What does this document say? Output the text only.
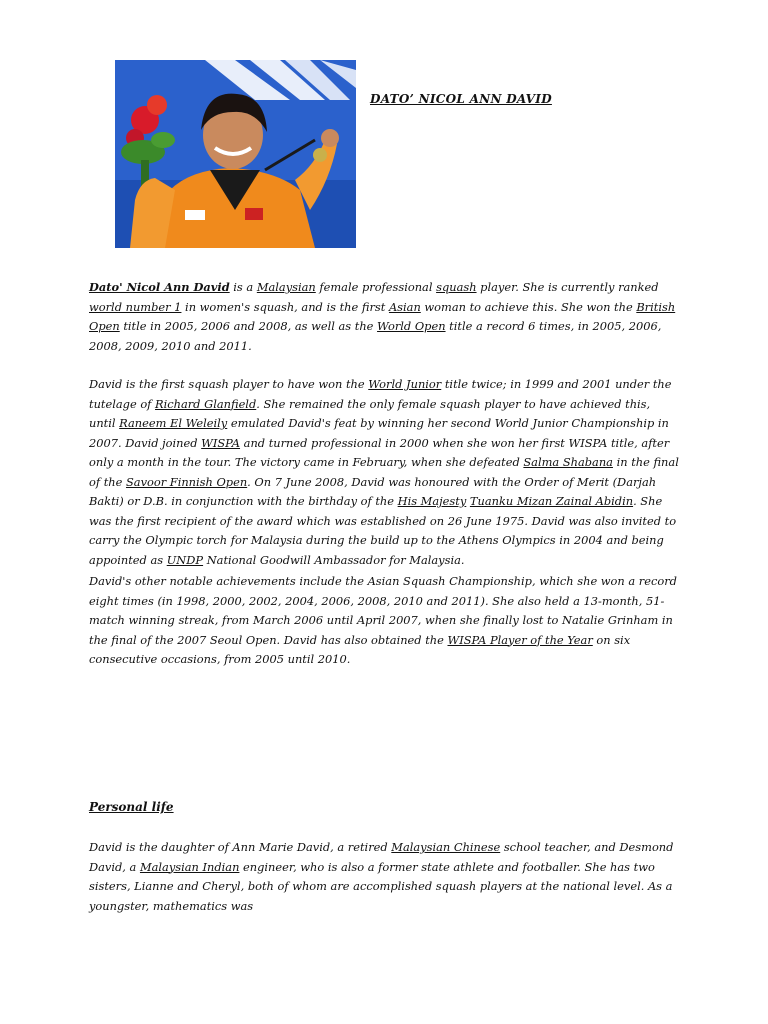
DATO’ NICOL ANN DAVID
Dato' Nicol Ann David is a Malaysian female professional squash player. She is currently ranked world number 1 in women's squash, and is the first Asian woman to achieve this. She won the British Open title in 2005, 2006 and 2008, as well as the World Open title a record 6 times, in 2005, 2006, 2008, 2009, 2010 and 2011.
David is the first squash player to have won the World Junior title twice; in 1999 and 2001 under the tutelage of Richard Glanfield. She remained the only female squash player to have achieved this, until Raneem El Weleily emulated David's feat by winning her second World Junior Championship in 2007. David joined WISPA and turned professional in 2000 when she won her first WISPA title, after only a month in the tour. The victory came in February, when she defeated Salma Shabana in the final of the Savoor Finnish Open. On 7 June 2008, David was honoured with the Order of Merit (Darjah Bakti) or D.B. in conjunction with the birthday of the His Majesty Tuanku Mizan Zainal Abidin. She was the first recipient of the award which was established on 26 June 1975. David was also invited to carry the Olympic torch for Malaysia during the build up to the Athens Olympics in 2004 and being appointed as UNDP National Goodwill Ambassador for Malaysia.
David's other notable achievements include the Asian Squash Championship, which she won a record eight times (in 1998, 2000, 2002, 2004, 2006, 2008, 2010 and 2011). She also held a 13-month, 51-match winning streak, from March 2006 until April 2007, when she finally lost to Natalie Grinham in the final of the 2007 Seoul Open. David has also obtained the WISPA Player of the Year on six consecutive occasions, from 2005 until 2010.
Personal life
David is the daughter of Ann Marie David, a retired Malaysian Chinese school teacher, and Desmond David, a Malaysian Indian engineer, who is also a former state athlete and footballer. She has two sisters, Lianne and Cheryl, both of whom are accomplished squash players at the national level. As a youngster, mathematics was
